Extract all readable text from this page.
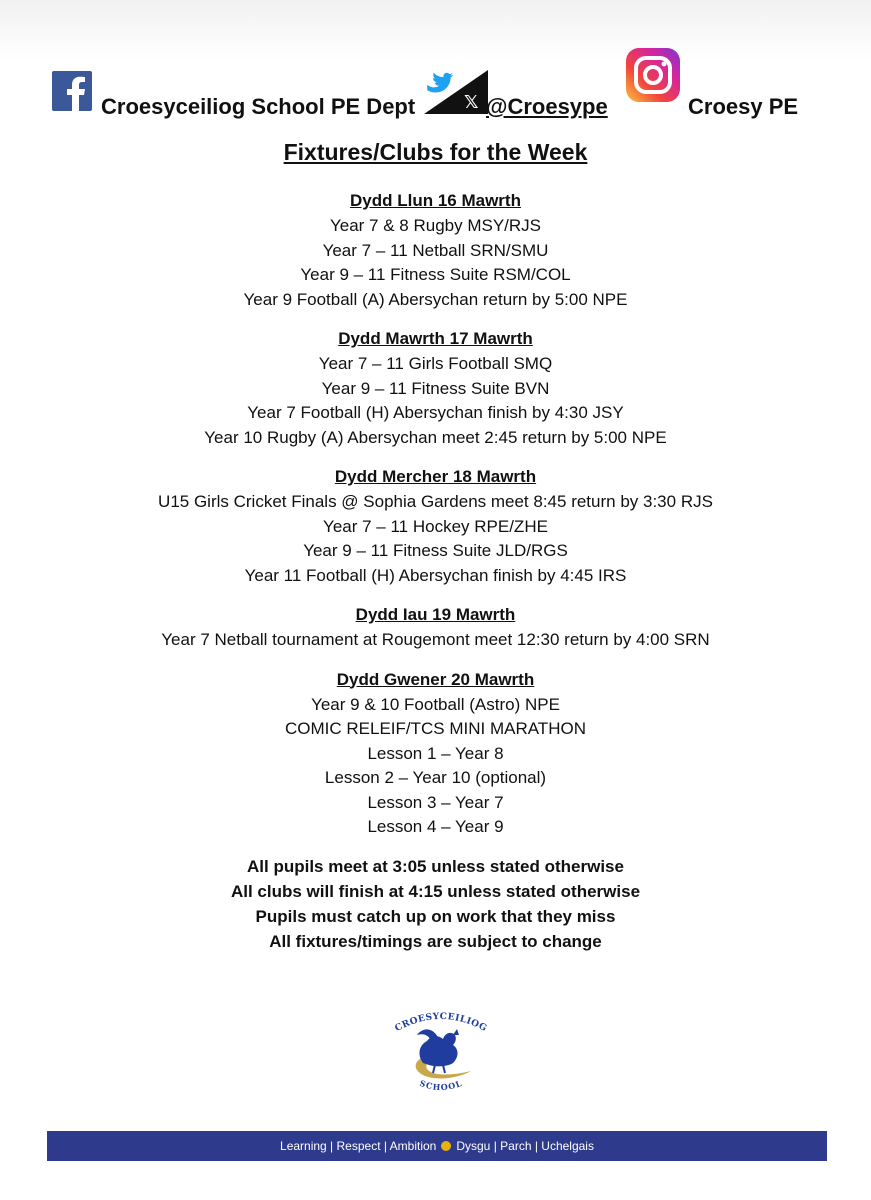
Croesyceiliog School PE Dept	𝕏 @Croesype	Croesy PE
Fixtures/Clubs for the Week
Dydd Llun 16 Mawrth
Year 7 & 8 Rugby MSY/RJS
Year 7 – 11 Netball SRN/SMU
Year 9 – 11 Fitness Suite RSM/COL
Year 9 Football (A) Abersychan return by 5:00 NPE
Dydd Mawrth 17 Mawrth
Year 7 – 11 Girls Football SMQ
Year 9 – 11 Fitness Suite BVN
Year 7 Football (H) Abersychan finish by 4:30 JSY
Year 10 Rugby (A) Abersychan meet 2:45 return by 5:00 NPE
Dydd Mercher 18 Mawrth
U15 Girls Cricket Finals @ Sophia Gardens meet 8:45 return by 3:30 RJS
Year 7 – 11 Hockey RPE/ZHE
Year 9 – 11 Fitness Suite JLD/RGS
Year 11 Football (H) Abersychan finish by 4:45 IRS
Dydd Iau 19 Mawrth
Year 7 Netball tournament at Rougemont meet 12:30 return by 4:00 SRN
Dydd Gwener 20 Mawrth
Year 9 & 10 Football (Astro) NPE
COMIC RELEIF/TCS MINI MARATHON
Lesson 1 – Year 8
Lesson 2 – Year 10 (optional)
Lesson 3 – Year 7
Lesson 4 – Year 9
All pupils meet at 3:05 unless stated otherwise
All clubs will finish at 4:15 unless stated otherwise
Pupils must catch up on work that they miss
All fixtures/timings are subject to change
CROESYCEILIOG
SCHOOL
Learning | Respect | Ambition Dysgu | Parch | Uchelgais
